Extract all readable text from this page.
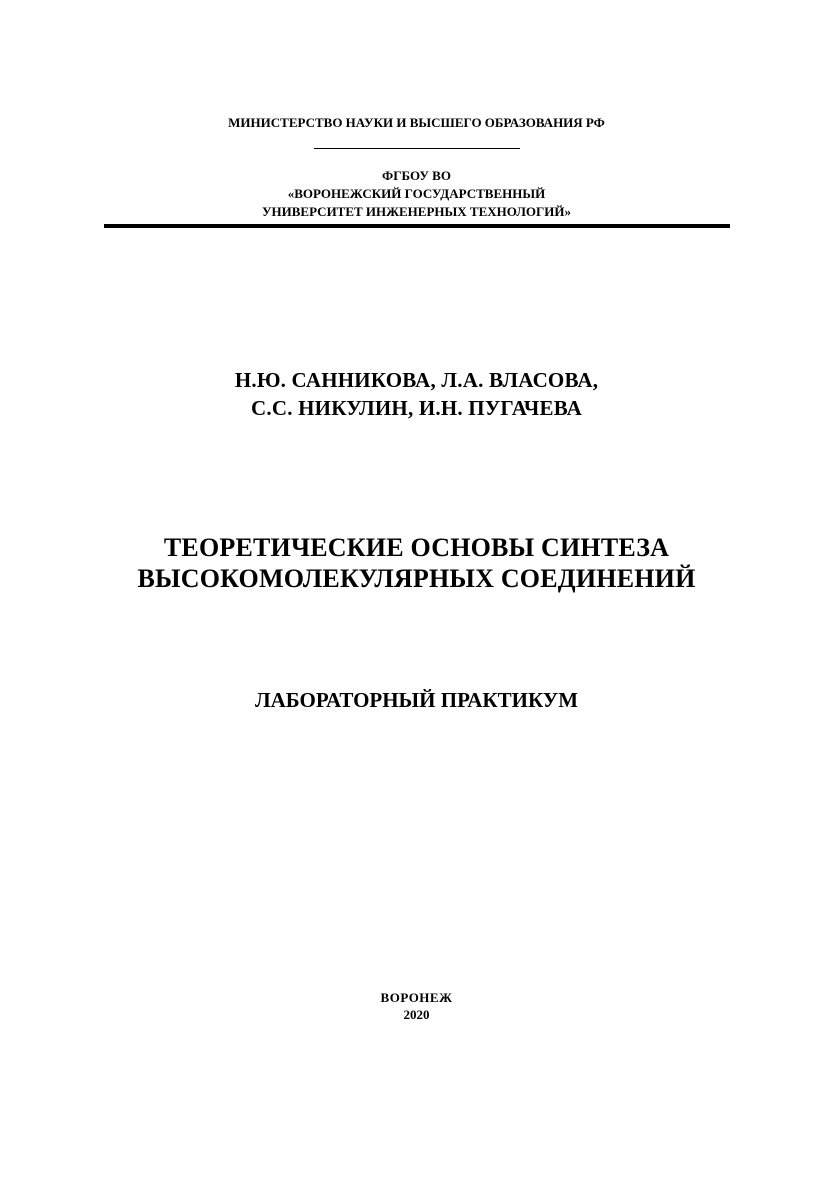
МИНИСТЕРСТВО НАУКИ И ВЫСШЕГО ОБРАЗОВАНИЯ РФ
ФГБОУ ВО
«ВОРОНЕЖСКИЙ ГОСУДАРСТВЕННЫЙ
УНИВЕРСИТЕТ ИНЖЕНЕРНЫХ ТЕХНОЛОГИЙ»
Н.Ю. САННИКОВА, Л.А. ВЛАСОВА,
С.С. НИКУЛИН, И.Н. ПУГАЧЕВА
ТЕОРЕТИЧЕСКИЕ ОСНОВЫ СИНТЕЗА
ВЫСОКОМОЛЕКУЛЯРНЫХ СОЕДИНЕНИЙ
ЛАБОРАТОРНЫЙ ПРАКТИКУМ
ВОРОНЕЖ
2020
